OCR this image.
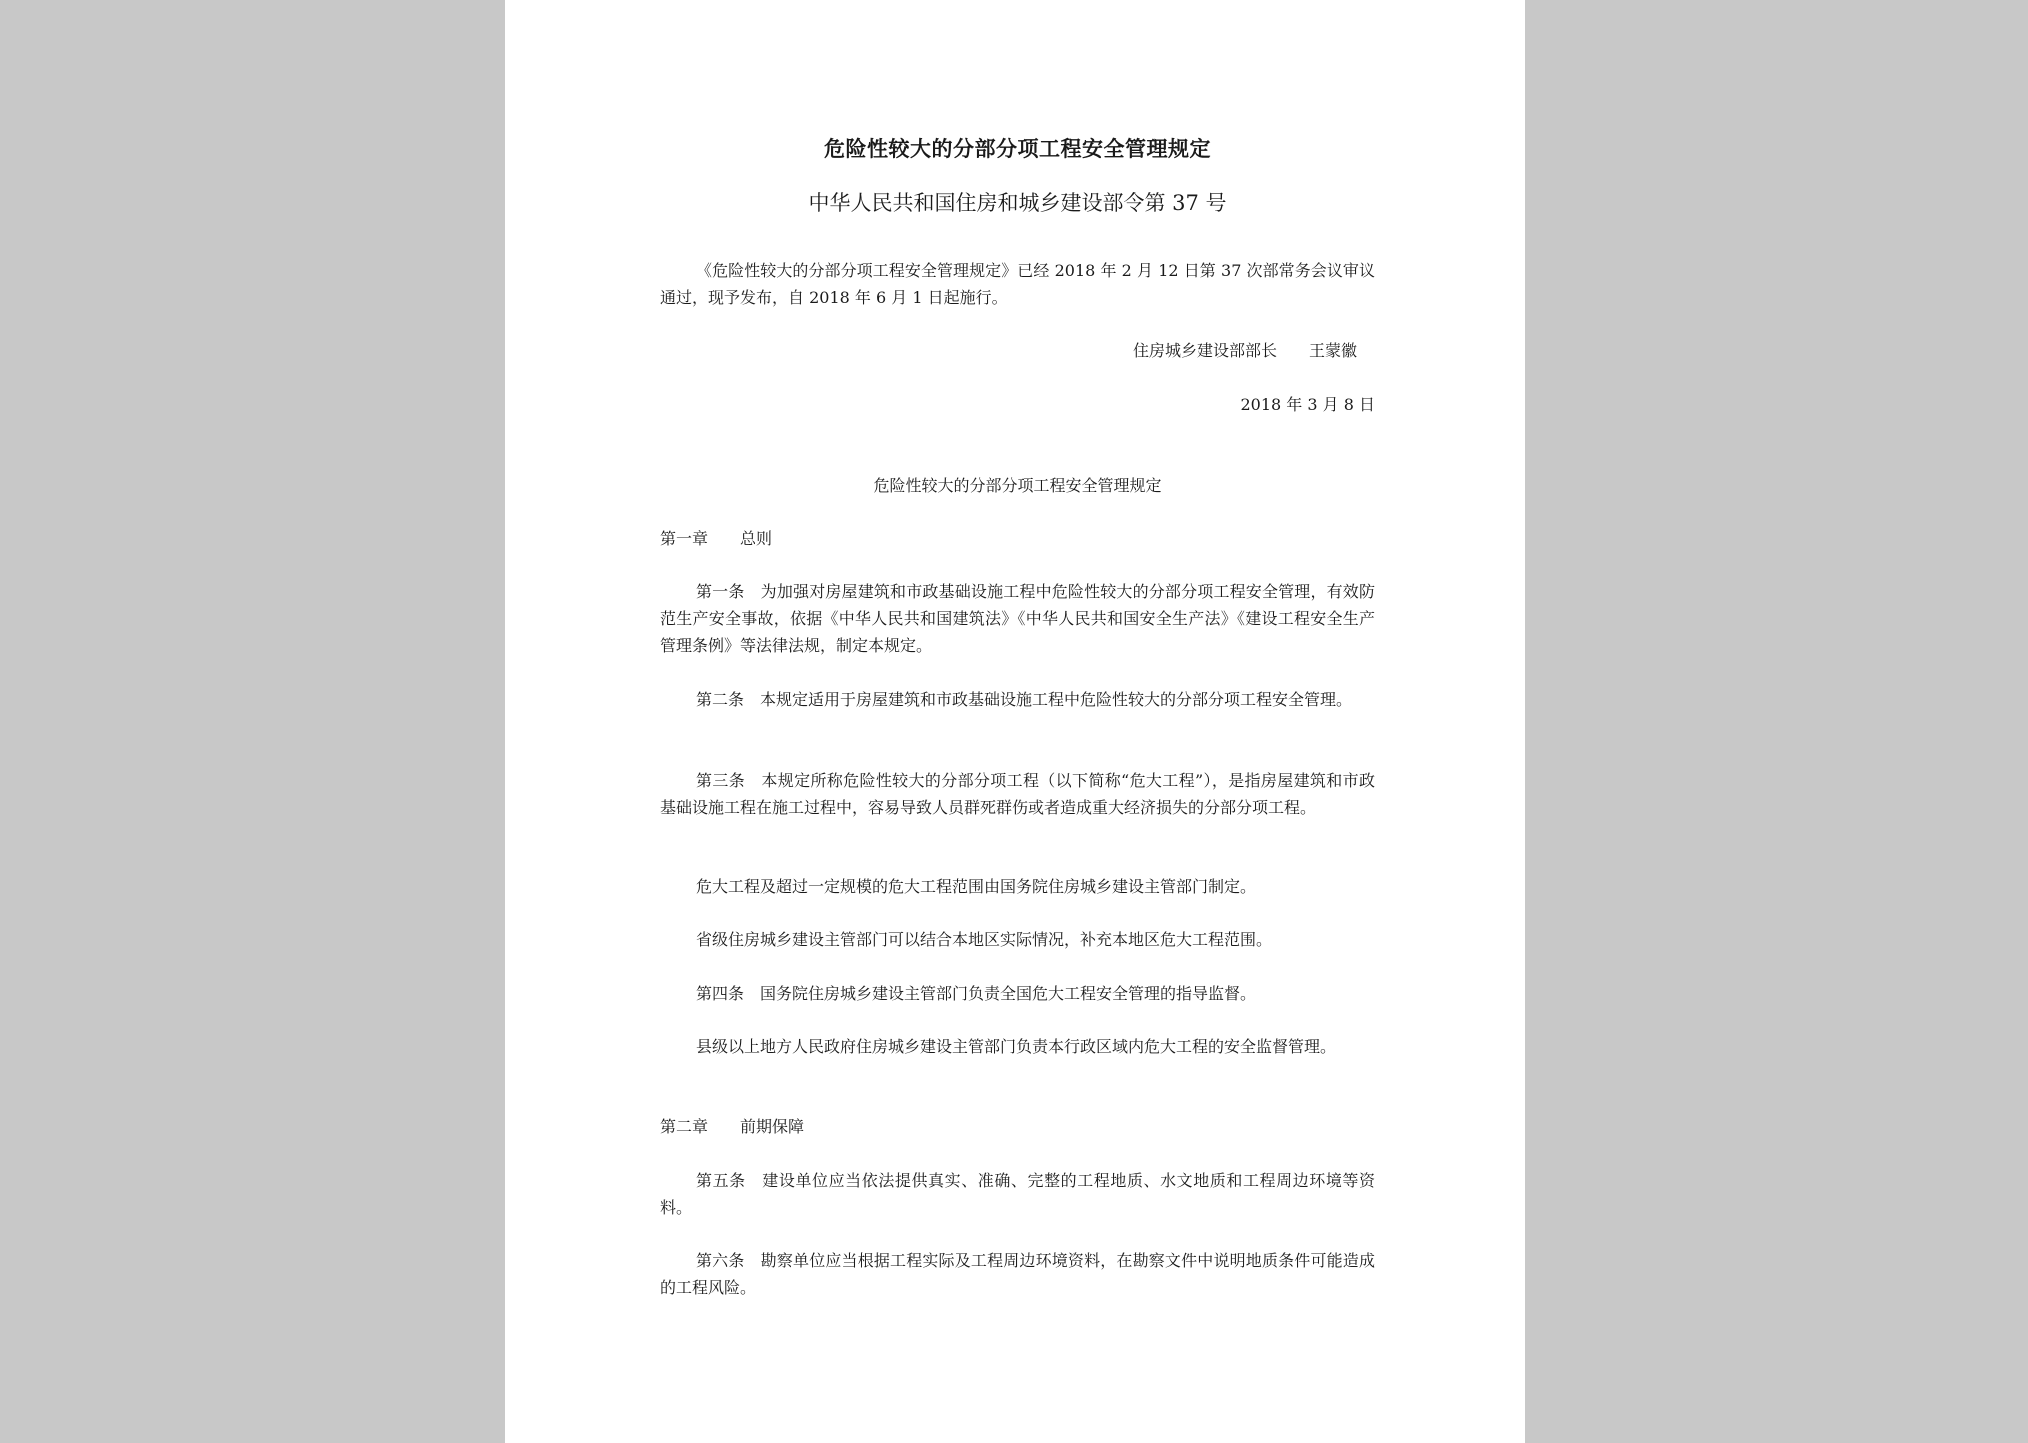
危险性较大的分部分项工程安全管理规定
中华人民共和国住房和城乡建设部令第 37 号
《危险性较大的分部分项工程安全管理规定》已经 2018 年 2 月 12 日第 37 次部常务会议审议通过，现予发布，自 2018 年 6 月 1 日起施行。
住房城乡建设部部长 王蒙徽
2018 年 3 月 8 日
危险性较大的分部分项工程安全管理规定
第一章 总则
第一条 为加强对房屋建筑和市政基础设施工程中危险性较大的分部分项工程安全管理，有效防范生产安全事故，依据《中华人民共和国建筑法》《中华人民共和国安全生产法》《建设工程安全生产管理条例》等法律法规，制定本规定。
第二条 本规定适用于房屋建筑和市政基础设施工程中危险性较大的分部分项工程安全管理。
第三条 本规定所称危险性较大的分部分项工程（以下简称“危大工程”），是指房屋建筑和市政基础设施工程在施工过程中，容易导致人员群死群伤或者造成重大经济损失的分部分项工程。
危大工程及超过一定规模的危大工程范围由国务院住房城乡建设主管部门制定。
省级住房城乡建设主管部门可以结合本地区实际情况，补充本地区危大工程范围。
第四条 国务院住房城乡建设主管部门负责全国危大工程安全管理的指导监督。
县级以上地方人民政府住房城乡建设主管部门负责本行政区域内危大工程的安全监督管理。
第二章 前期保障
第五条 建设单位应当依法提供真实、准确、完整的工程地质、水文地质和工程周边环境等资料。
第六条 勘察单位应当根据工程实际及工程周边环境资料，在勘察文件中说明地质条件可能造成的工程风险。
